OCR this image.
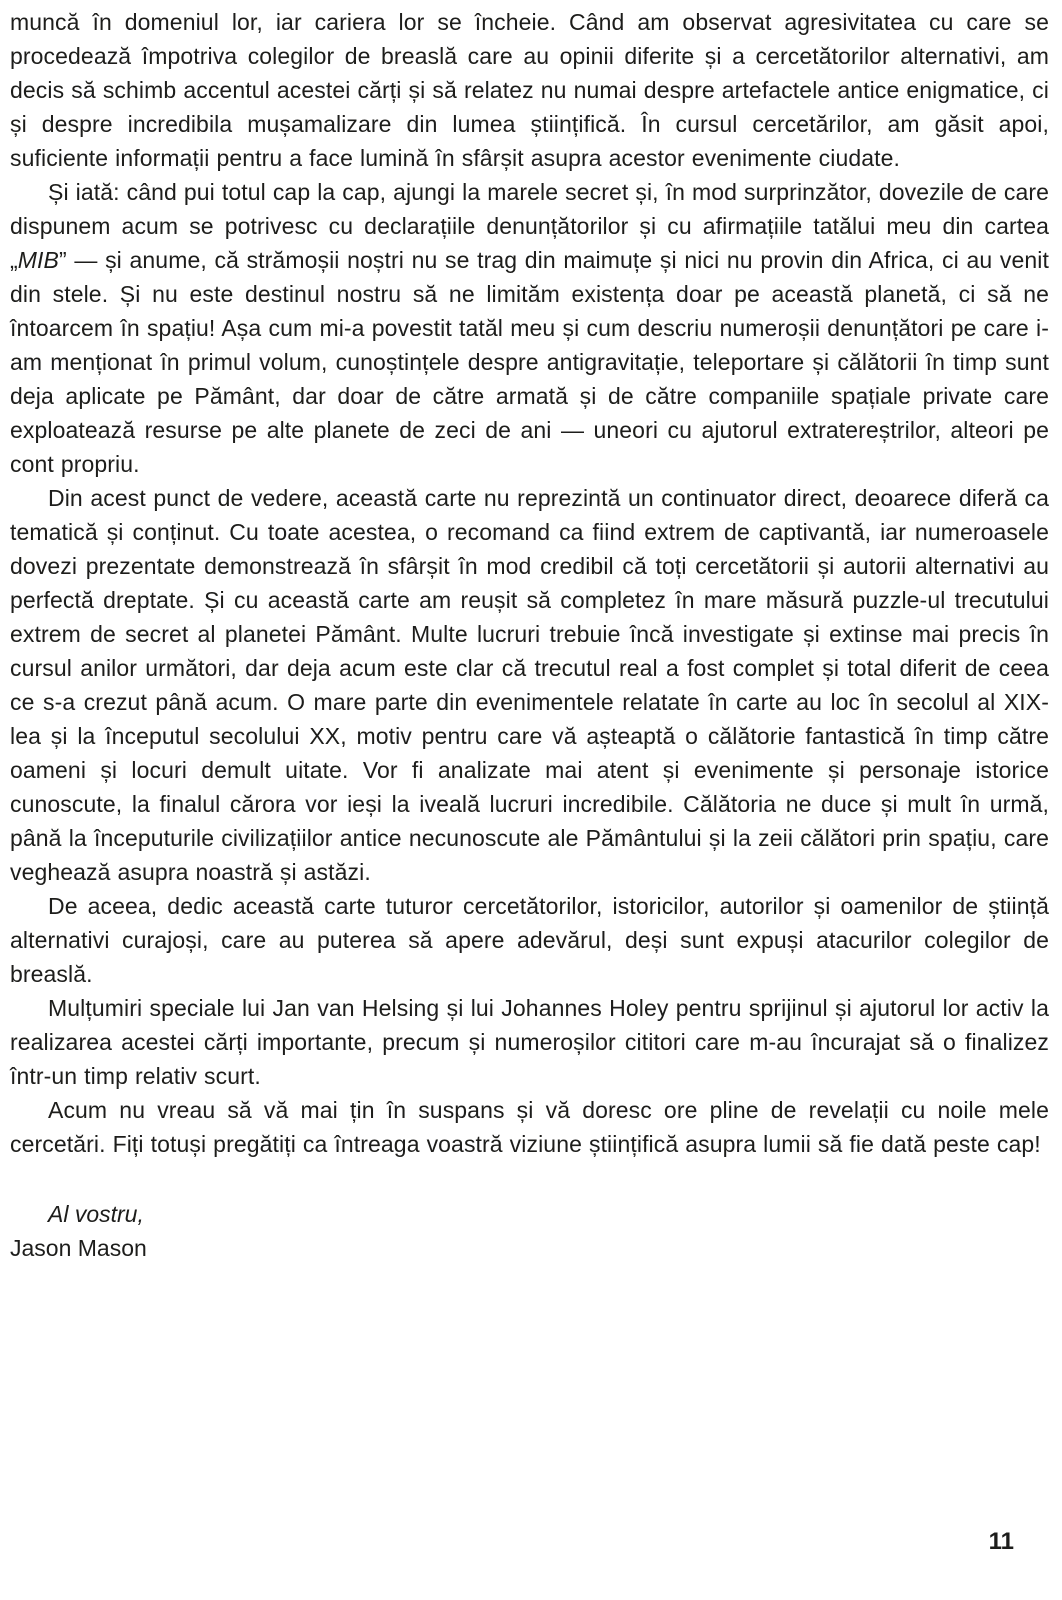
muncă în domeniul lor, iar cariera lor se încheie. Când am observat agresivitatea cu care se procedează împotriva colegilor de breaslă care au opinii diferite și a cercetătorilor alternativi, am decis să schimb accentul acestei cărți și să relatez nu numai despre artefactele antice enigmatice, ci și despre incredibila mușamalizare din lumea științifică. În cursul cercetărilor, am găsit apoi, suficiente informații pentru a face lumină în sfârșit asupra acestor evenimente ciudate.

Și iată: când pui totul cap la cap, ajungi la marele secret și, în mod surprinzător, dovezile de care dispunem acum se potrivesc cu declarațiile denunțătorilor și cu afirmațiile tatălui meu din cartea „MIB” — și anume, că strămoșii noștri nu se trag din maimuțe și nici nu provin din Africa, ci au venit din stele. Și nu este destinul nostru să ne limităm existența doar pe această planetă, ci să ne întoarcem în spațiu! Așa cum mi-a povestit tatăl meu și cum descriu numeroșii denunțători pe care i-am menționat în primul volum, cunoștințele despre antigravitație, teleportare și călătorii în timp sunt deja aplicate pe Pământ, dar doar de către armată și de către companiile spațiale private care exploatează resurse pe alte planete de zeci de ani — uneori cu ajutorul extratereștrilor, alteori pe cont propriu.

Din acest punct de vedere, această carte nu reprezintă un continuator direct, deoarece diferă ca tematică și conținut. Cu toate acestea, o recomand ca fiind extrem de captivantă, iar numeroasele dovezi prezentate demonstrează în sfârșit în mod credibil că toți cercetătorii și autorii alternativi au perfectă dreptate. Și cu această carte am reușit să completez în mare măsură puzzle-ul trecutului extrem de secret al planetei Pământ. Multe lucruri trebuie încă investigate și extinse mai precis în cursul anilor următori, dar deja acum este clar că trecutul real a fost complet și total diferit de ceea ce s-a crezut până acum. O mare parte din evenimentele relatate în carte au loc în secolul al XIX-lea și la începutul secolului XX, motiv pentru care vă așteaptă o călătorie fantastică în timp către oameni și locuri demult uitate. Vor fi analizate mai atent și evenimente și personaje istorice cunoscute, la finalul cărora vor ieși la iveală lucruri incredibile. Călătoria ne duce și mult în urmă, până la începuturile civilizațiilor antice necunoscute ale Pământului și la zeii călători prin spațiu, care veghează asupra noastră și astăzi.

De aceea, dedic această carte tuturor cercetătorilor, istoricilor, autorilor și oamenilor de știință alternativi curajoși, care au puterea să apere adevărul, deși sunt expuși atacurilor colegilor de breaslă.

Mulțumiri speciale lui Jan van Helsing și lui Johannes Holey pentru sprijinul și ajutorul lor activ la realizarea acestei cărți importante, precum și numeroșilor cititori care m-au încurajat să o finalizez într-un timp relativ scurt.

Acum nu vreau să vă mai țin în suspans și vă doresc ore pline de revelații cu noile mele cercetări. Fiți totuși pregătiți ca întreaga voastră viziune științifică asupra lumii să fie dată peste cap!

Al vostru,

Jason Mason

11
